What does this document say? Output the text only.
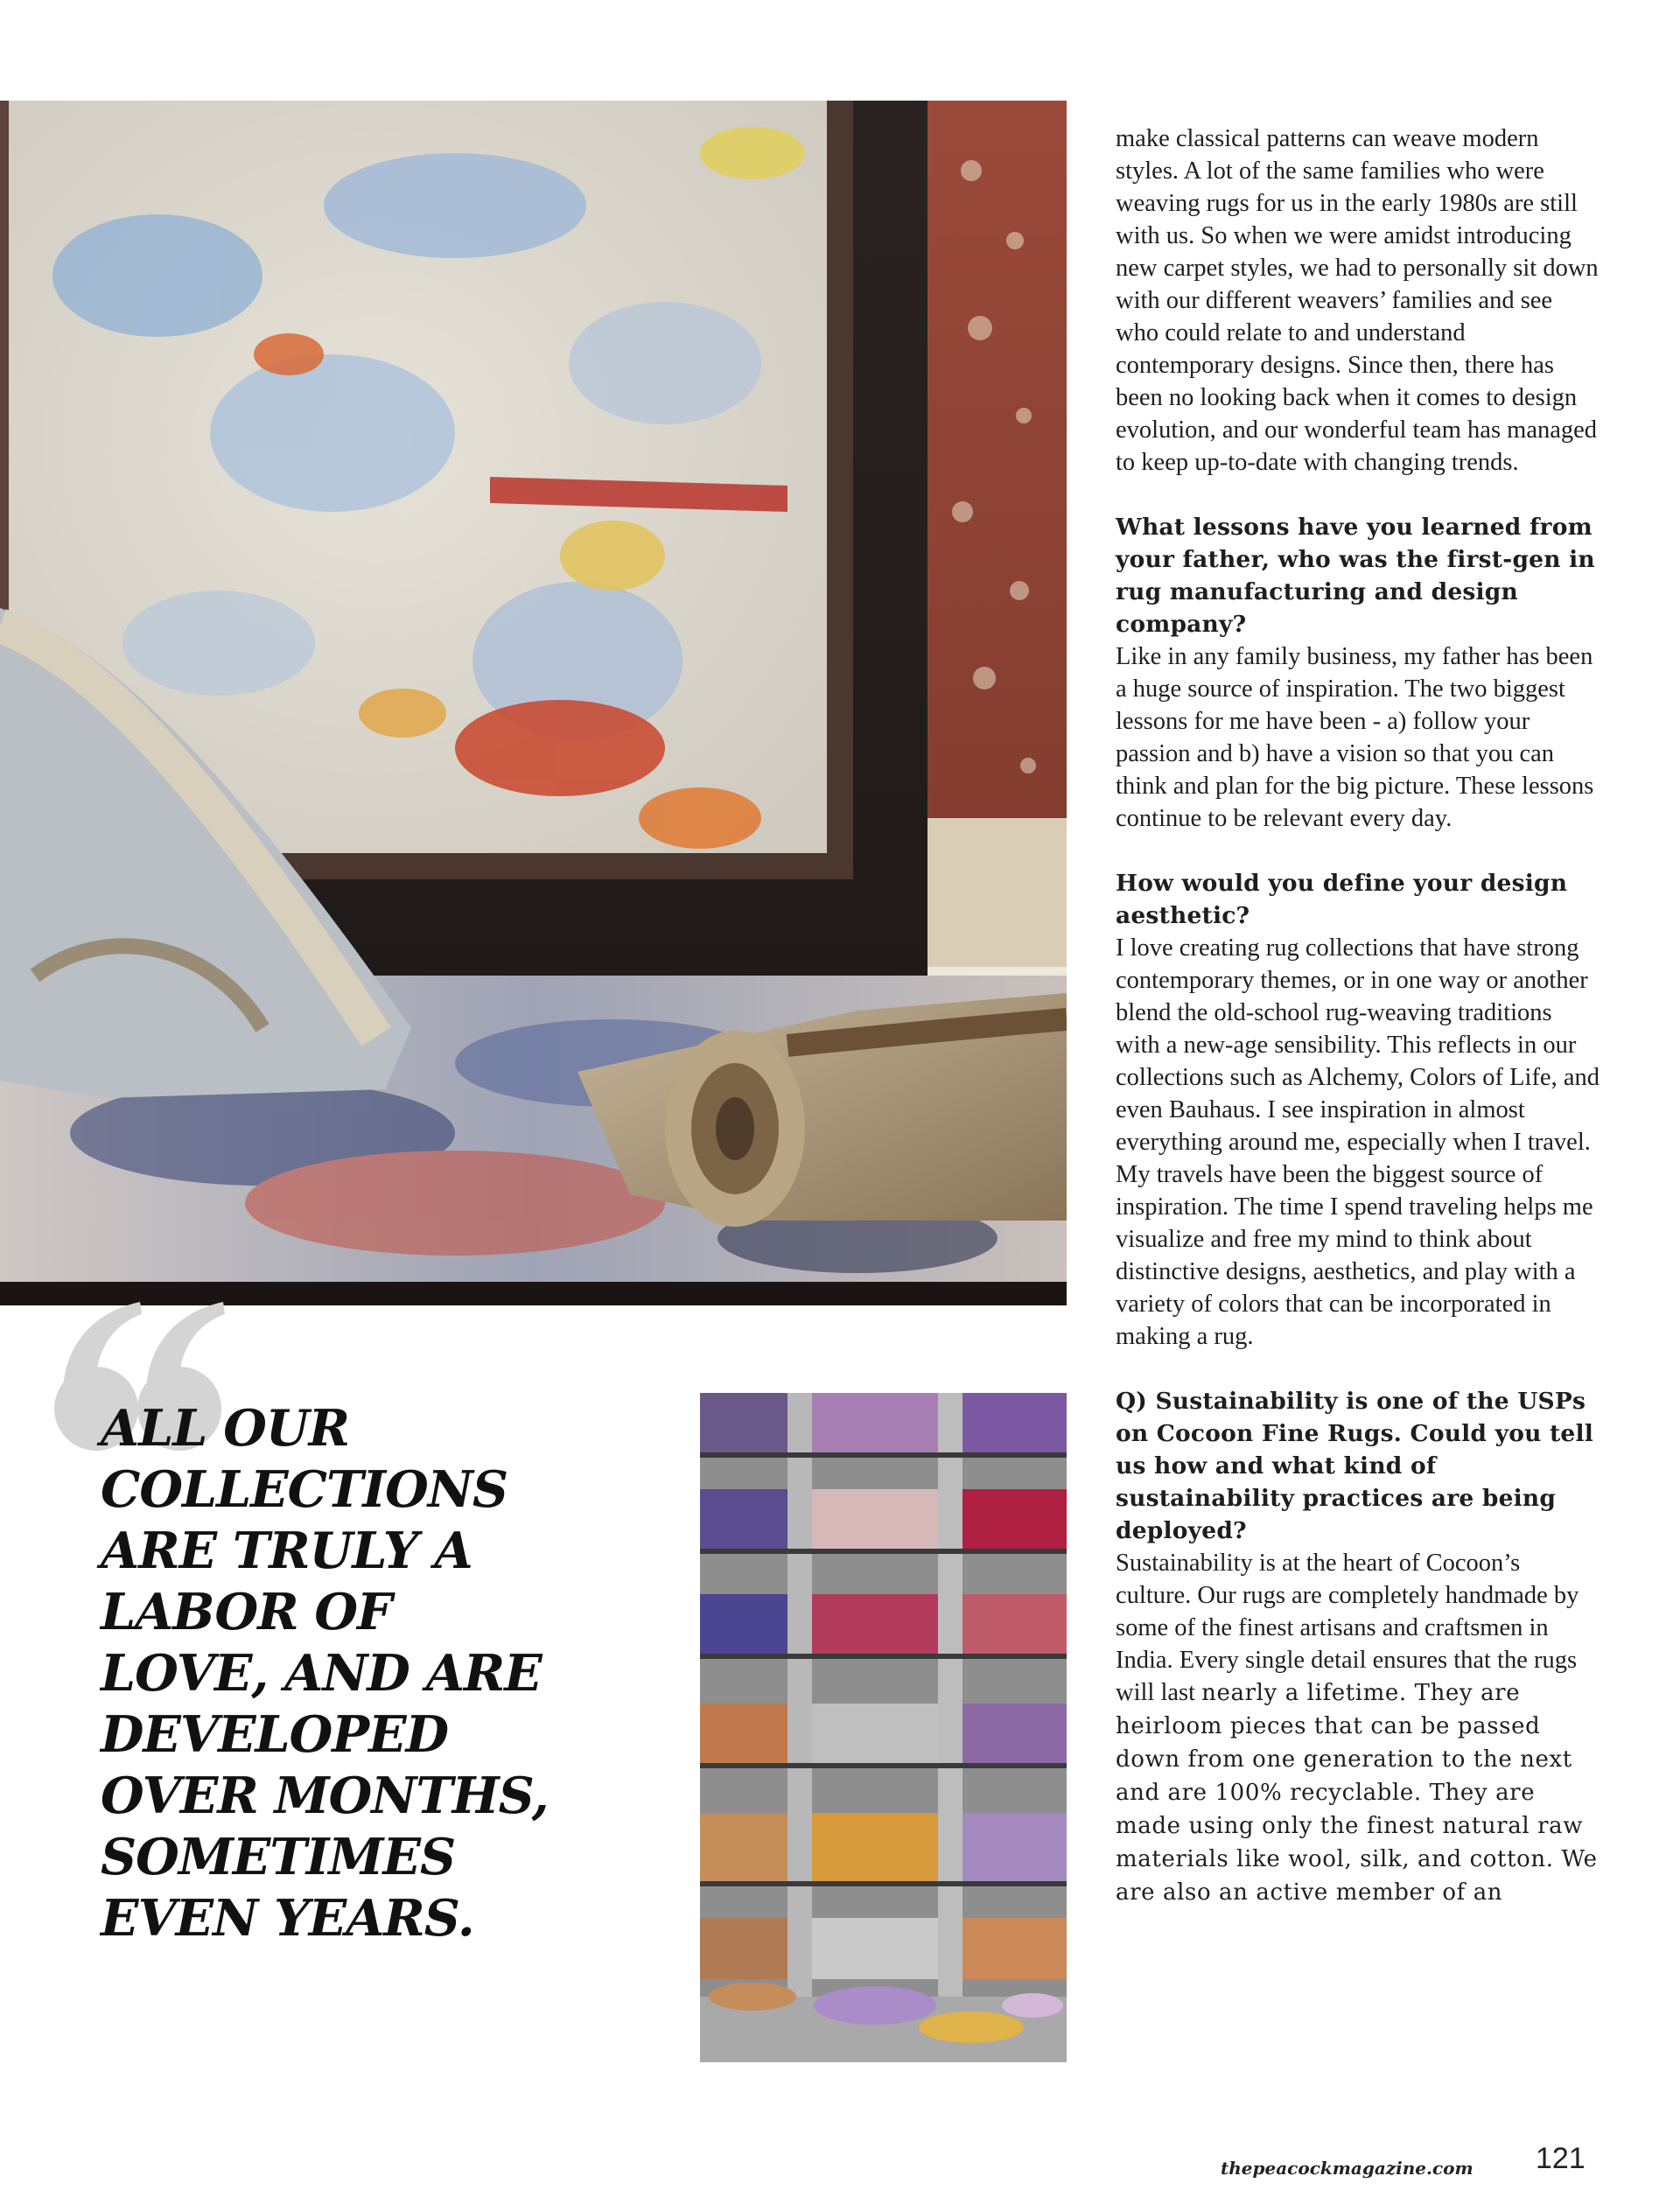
ALL OUR COLLECTIONS ARE TRULY A LABOR OF LOVE, AND ARE DEVELOPED OVER MONTHS, SOMETIMES EVEN YEARS.

make classical patterns can weave modern styles. A lot of the same families who were weaving rugs for us in the early 1980s are still with us. So when we were amidst introducing new carpet styles, we had to personally sit down with our different weavers’ families and see who could relate to and understand contemporary designs. Since then, there has been no looking back when it comes to design evolution, and our wonderful team has managed to keep up-to-date with changing trends.

What lessons have you learned from your father, who was the first-gen in rug manufacturing and design company?
Like in any family business, my father has been a huge source of inspiration. The two biggest lessons for me have been - a) follow your passion and b) have a vision so that you can think and plan for the big picture. These lessons continue to be relevant every day.

How would you define your design aesthetic?
I love creating rug collections that have strong contemporary themes, or in one way or another blend the old-school rug-weaving traditions with a new-age sensibility. This reflects in our collections such as Alchemy, Colors of Life, and even Bauhaus. I see inspiration in almost everything around me, especially when I travel. My travels have been the biggest source of inspiration. The time I spend traveling helps me visualize and free my mind to think about distinctive designs, aesthetics, and play with a variety of colors that can be incorporated in making a rug.

Q) Sustainability is one of the USPs on Cocoon Fine Rugs. Could you tell us how and what kind of sustainability practices are being deployed?
Sustainability is at the heart of Cocoon’s culture. Our rugs are completely handmade by some of the finest artisans and craftsmen in India. Every single detail ensures that the rugs will last nearly a lifetime. They are heirloom pieces that can be passed down from one generation to the next and are 100% recyclable. They are made using only the finest natural raw materials like wool, silk, and cotton. We are also an active member of an

thepeacockmagazine.com 121
